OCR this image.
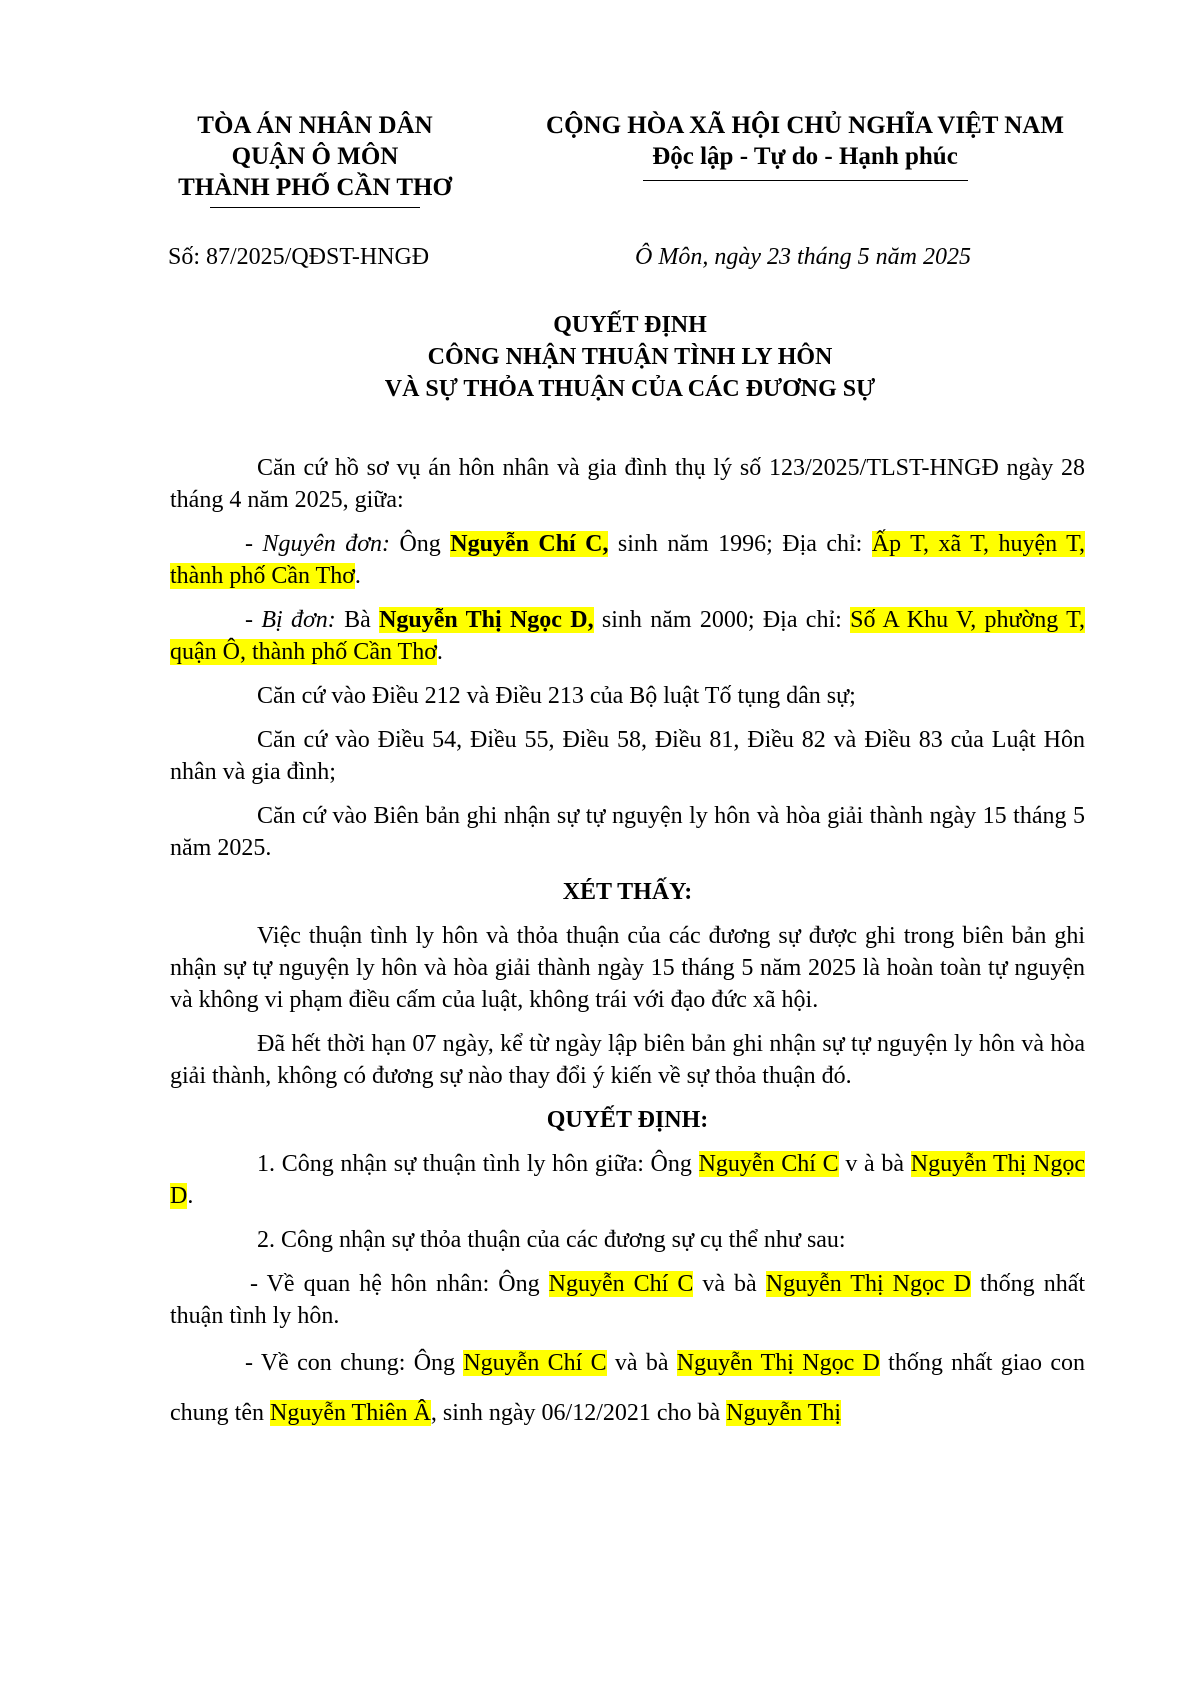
TÒA ÁN NHÂN DÂN
QUẬN Ô MÔN
THÀNH PHỐ CẦN THƠ
CỘNG HÒA XÃ HỘI CHỦ NGHĨA VIỆT NAM
Độc lập - Tự do - Hạnh phúc
Số: 87/2025/QĐST-HNGĐ	Ô Môn, ngày 23 tháng 5 năm 2025
QUYẾT ĐỊNH
CÔNG NHẬN THUẬN TÌNH LY HÔN
VÀ SỰ THỎA THUẬN CỦA CÁC ĐƯƠNG SỰ

Căn cứ hồ sơ vụ án hôn nhân và gia đình thụ lý số 123/2025/TLST-HNGĐ ngày 28 tháng 4 năm 2025, giữa:

- Nguyên đơn: Ông Nguyễn Chí C, sinh năm 1996; Địa chỉ: Ấp T, xã T, huyện T, thành phố Cần Thơ.

- Bị đơn: Bà Nguyễn Thị Ngọc D, sinh năm 2000; Địa chỉ: Số A Khu V, phường T, quận Ô, thành phố Cần Thơ.

Căn cứ vào Điều 212 và Điều 213 của Bộ luật Tố tụng dân sự;

Căn cứ vào Điều 54, Điều 55, Điều 58, Điều 81, Điều 82 và Điều 83 của Luật Hôn nhân và gia đình;

Căn cứ vào Biên bản ghi nhận sự tự nguyện ly hôn và hòa giải thành ngày 15 tháng 5 năm 2025.

XÉT THẤY:

Việc thuận tình ly hôn và thỏa thuận của các đương sự được ghi trong biên bản ghi nhận sự tự nguyện ly hôn và hòa giải thành ngày 15 tháng 5 năm 2025 là hoàn toàn tự nguyện và không vi phạm điều cấm của luật, không trái với đạo đức xã hội.

Đã hết thời hạn 07 ngày, kể từ ngày lập biên bản ghi nhận sự tự nguyện ly hôn và hòa giải thành, không có đương sự nào thay đổi ý kiến về sự thỏa thuận đó.

QUYẾT ĐỊNH:

1. Công nhận sự thuận tình ly hôn giữa: Ông Nguyễn Chí C v à bà Nguyễn Thị Ngọc D.

2. Công nhận sự thỏa thuận của các đương sự cụ thể như sau:

- Về quan hệ hôn nhân: Ông Nguyễn Chí C và bà Nguyễn Thị Ngọc D thống nhất thuận tình ly hôn.

- Về con chung: Ông Nguyễn Chí C và bà Nguyễn Thị Ngọc D thống nhất giao con chung tên Nguyễn Thiên Â, sinh ngày 06/12/2021 cho bà Nguyễn Thị
